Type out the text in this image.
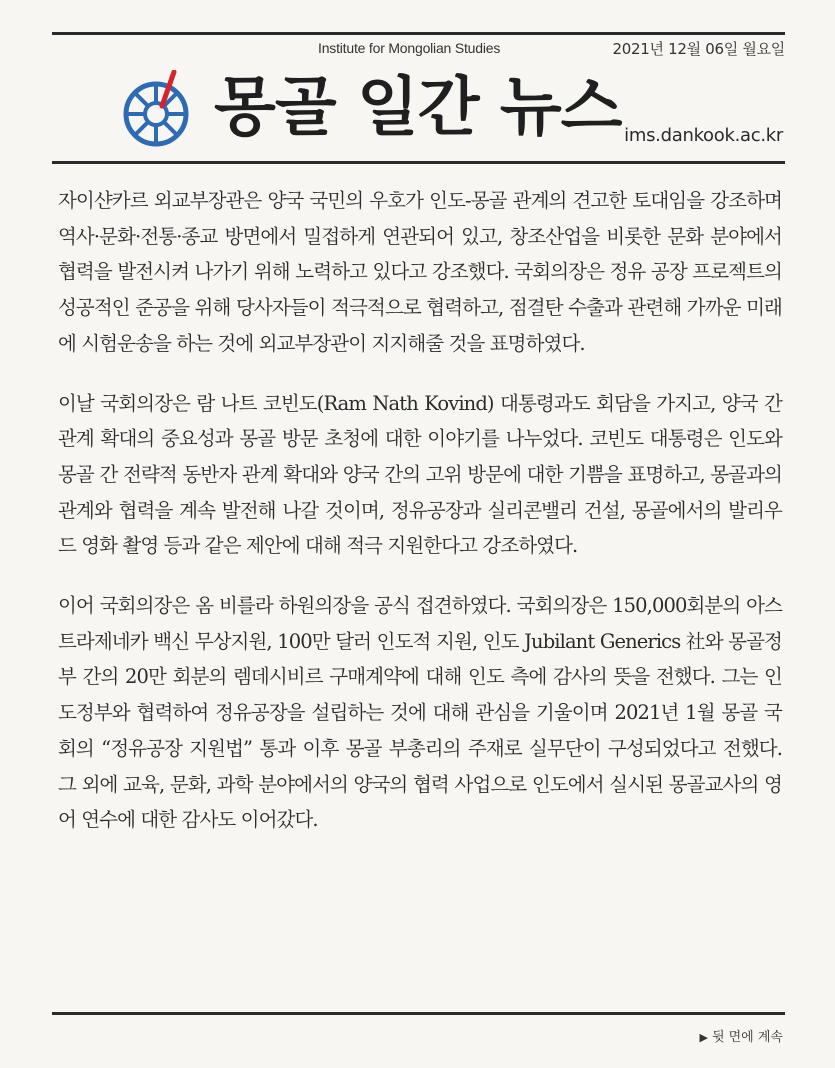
Institute for Mongolian Studies	2021년 12월 06일 월요일
몽골 일간 뉴스 ims.dankook.ac.kr

자이샨카르 외교부장관은 양국 국민의 우호가 인도-몽골 관계의 견고한 토대임을 강조하며 역사·문화·전통·종교 방면에서 밀접하게 연관되어 있고, 창조산업을 비롯한 문화 분야에서 협력을 발전시켜 나가기 위해 노력하고 있다고 강조했다. 국회의장은 정유 공장 프로젝트의 성공적인 준공을 위해 당사자들이 적극적으로 협력하고, 점결탄 수출과 관련해 가까운 미래에 시험운송을 하는 것에 외교부장관이 지지해줄 것을 표명하였다.

이날 국회의장은 람 나트 코빈도(Ram Nath Kovind) 대통령과도 회담을 가지고, 양국 간 관계 확대의 중요성과 몽골 방문 초청에 대한 이야기를 나누었다. 코빈도 대통령은 인도와 몽골 간 전략적 동반자 관계 확대와 양국 간의 고위 방문에 대한 기쁨을 표명하고, 몽골과의 관계와 협력을 계속 발전해 나갈 것이며, 정유공장과 실리콘밸리 건설, 몽골에서의 발리우드 영화 촬영 등과 같은 제안에 대해 적극 지원한다고 강조하였다.

이어 국회의장은 옴 비를라 하원의장을 공식 접견하였다. 국회의장은 150,000회분의 아스트라제네카 백신 무상지원, 100만 달러 인도적 지원, 인도 Jubilant Generics 社와 몽골정부 간의 20만 회분의 렘데시비르 구매계약에 대해 인도 측에 감사의 뜻을 전했다. 그는 인도정부와 협력하여 정유공장을 설립하는 것에 대해 관심을 기울이며 2021년 1월 몽골 국회의 “정유공장 지원법” 통과 이후 몽골 부총리의 주재로 실무단이 구성되었다고 전했다. 그 외에 교육, 문화, 과학 분야에서의 양국의 협력 사업으로 인도에서 실시된 몽골교사의 영어 연수에 대한 감사도 이어갔다.

▶ 뒷 면에 계속
